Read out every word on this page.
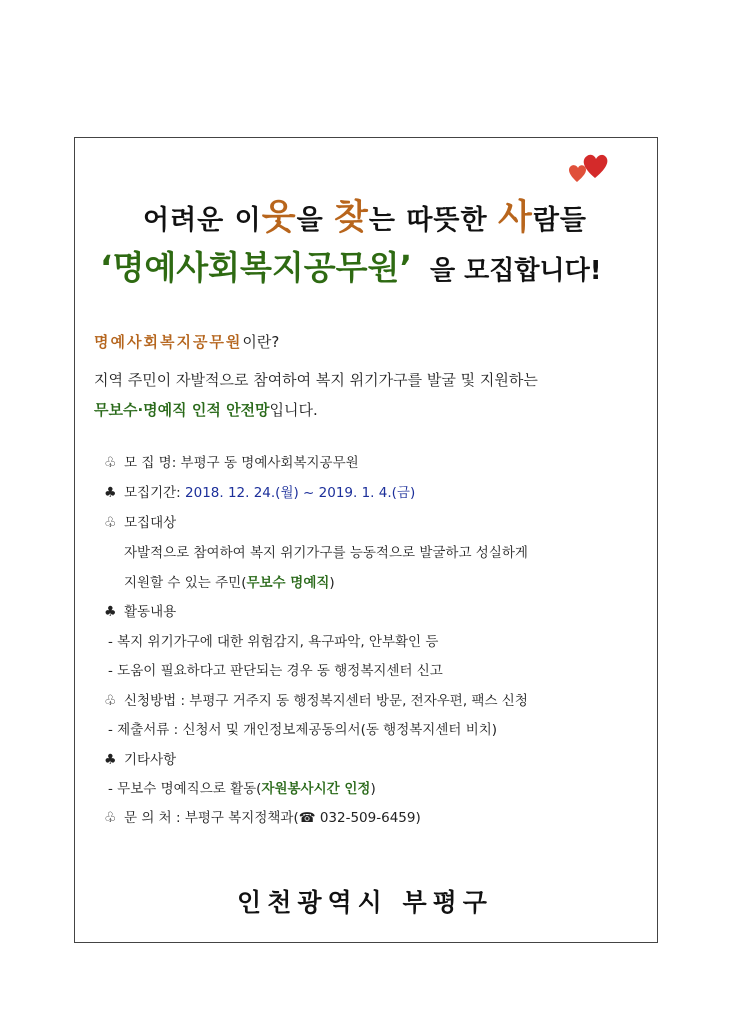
어려운 이웃을 찾는 따뜻한 사람들
‘명예사회복지공무원’ 을 모집합니다!
명예사회복지공무원이란?
지역 주민이 자발적으로 참여하여 복지 위기가구를 발굴 및 지원하는
무보수·명예직 인적 안전망입니다.
♧ 모 집 명: 부평구 동 명예사회복지공무원
♣ 모집기간: 2018. 12. 24.(월) ~ 2019. 1. 4.(금)
♧ 모집대상
자발적으로 참여하여 복지 위기가구를 능동적으로 발굴하고 성실하게
지원할 수 있는 주민(무보수 명예직)
♣ 활동내용
- 복지 위기가구에 대한 위험감지, 욕구파악, 안부확인 등
- 도움이 필요하다고 판단되는 경우 동 행정복지센터 신고
♧ 신청방법 : 부평구 거주지 동 행정복지센터 방문, 전자우편, 팩스 신청
- 제출서류 : 신청서 및 개인정보제공동의서(동 행정복지센터 비치)
♣ 기타사항
- 무보수 명예직으로 활동(자원봉사시간 인정)
♧ 문 의 처 : 부평구 복지정책과(☎ 032-509-6459)
인천광역시 부평구
